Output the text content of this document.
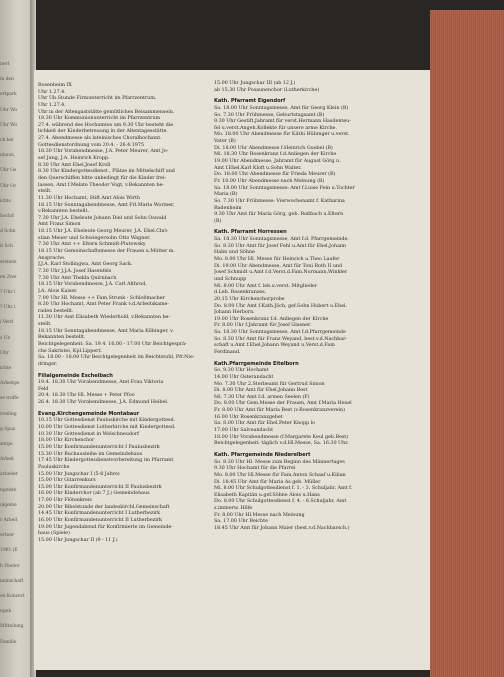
nert
in den
ertpark
Uhr Wo
Uhr Wo
ck bei
nhaus.
Uhr Ge
Uhr Gv
ichts
hochd
d Schn
it Sch
erstsen
en Zwe
? Uhr i
? Uhr i
i Verd
s Ub
Uhr
ichte
Arbeitge
se treffe
rreiling
g Spaz
zerge
Arbeit
arbeiter
ngeiste
ulgeme
r Arbeit
ertner
1961 (E
h Nieder
neinschaft
en Konzert
ngeh
Mitteilung
Familie
Rosenheim IX
Uhr 1.27.4.
Uhr Ub.Stunde Firmunterricht im Pfarrzentrum.
Uhr 1.27.4.
Uhr in der Altengaststätte gemütliches Beisammensein.
18.30 Uhr Kommunionunterricht im Pfarrzentrum
27.4. während des Hochamtes um 9.30 Uhr besteht die
lichkeit der Kinderbetreuung in der Altentagesstätte.
27.4. Abendmesse als lateinisches Choralhochamt.
Gottesdienstordnung vom 20.4. - 26.4.1975
18.30 Uhr Vorabendmesse, J.A. Peter Meurer, Amt Jo-
sef Jung, J.A. Heinrich Kropp.
8.30 Uhr Amt Ehel.Josef Kroll
8.30 Uhr Kindergottesdienst , Plätze im Mittelschiff und
den Querschiffen bitte unbedingt für die Kinder frei-
lassen, Amt f.Melate Theodor Vogt, v.Bekannten be-
stellt.
11.30 Uhr Hochamt, Stift.Amt Alois Wirth
18.15 Uhr Sonntagabendmesse, Amt Frl.Maria Wormer,
v.Bekannten bestellt.
7.30 Uhr J.A. Eheleute Johann Diel und Sohn Oswald
Amt Franz Simon
18.15 Uhr J.A. Eheleute Georg Meurer, J.A. Ehel.Chri-
stian Meuer und Schwiegersohn Otto Wagner.
7.30 Uhr Amt ++ Eltern Schmidt-Plutowsky
18.15 Uhr Gemeinschaftsmesse der Frauen u.Mütter m.
Ansprache.
J.J.A. Karl Stollingwa, Amt Georg Sack.
7.30 Uhr J.J.A. Josef Hasenfels
7.30 Uhr Amt Thekla Quirnbach
18.15 Uhr Vorabendmesse, J.A. Carl Althrod,
J.A. Alois Kaiser.
7.00 Uhr Hl. Messe ++ Fam.Strunk - Schloßmacher
8.30 Uhr Hochamt, Amt Peter Frank v.d.Arbeitskame-
raden bestellt.
11.30 Uhr Amt Elisabeth Wiederhold, v.Bekannten be-
stellt.
18.15 Uhr Sonntagabendmesse, Amt Maria Kilbinger, v.
Bekannten bestellt.
Beichtgelegenheit: Sa. 19.4. 16.00 - 17.00 Uhr Beichtgesprä-
che Sakristei, Kpl.Lippert.
Sa. 18.00 - 18.00 Uhr Beichtgelegenheit im Beichtstuhl, Pfr.Nie-
dringer.
Filialgemeinde Escheibach
19.4. 18.30 Uhr Vorabendmesse, Amt Frau Viktoria
Feld
20.4. 18.30 Uhr Hl. Messe + Peter Pfoo
26.4. 18.30 Uhr Vorabendmesse, J.A. Edmund Heibel.
Evang.Kirchengemeinde Montabaur
10.15 Uhr Gottesdienst Pauluskirche mit Kindergottesd.
10.00 Uhr Gottesdienst Lutherkirche mit Kindergottesd.
10.30 Uhr Gottesdienst in Welschneudorf
18.00 Uhr Kirchenchor
15.00 Uhr Konfirmandenunterricht I Paulusbezirk
15.30 Uhr Buchausleihe im Gemeindehaus
17.45 Uhr Kindergottesdienstvorbereitung im Pfarramt
Pauluskirche
15.00 Uhr Jungschar I (5-8 Jahre)
15.00 Uhr Gitarrenkurs
15.00 Uhr Konfirmandenunterricht II Paulusbezirk
16.00 Uhr Kinderchor (ab 7 J.) Gemeindehaus
17.00 Uhr Flötenkreis
20.00 Uhr Bibelstunde der landeskirchl.Gemeinschaft
14.45 Uhr Konfirmandenunterricht I Lutherbezirk
16.00 Uhr Konfirmandenunterricht II Lutherbezirk
19.00 Uhr Jugendabend für Konfirmierte im Gemeinde-
haus (Spiele)
15.00 Uhr Jungschar II (9 - 11 J.)
15.00 Uhr Jungschar III (ab 12 J.)
ab 15.30 Uhr Posaunenchor (Lutherkirche)
Kath. Pfarramt Eigendorf
Sa. 18.00 Uhr Sonntagsmesse, Amt für Georg Klein (B)
So. 7.30 Uhr Frühmesse, Geburtstagsamt (B)
9.30 Uhr Gestift.Jahramt für verst.Hermann Hasdenteu-
fel u.verst.Angeh.Kollekte für unsere arme Kirche.
Mo. 18.00 Uhr Abendmesse für Käthi Hübinger u.verst.
Vater (B)
Di. 18.00 Uhr Abendmesse f.Heinrich Guebel (B)
Mi. 18.30 Uhr Rosenkranz f.d.Anliegen der Kirche
19.00 Uhr Abendmesse, Jahramt für August Görg u.
Amt f.Ehel.Karl Kloft u.Sohn Walter.
Do. 18.00 Uhr Abendmesse für Frieda Meurer (B)
Fr. 18.00 Uhr Abendmesse nach Meinung (B)
Sa. 18.00 Uhr Sonntagsmesse: Amt f.Luise Fein u.Tochter
Maria (B)
So. 7.30 Uhr Frühmesse: Vierwochenamt f. Katharina
Badenheim
9.30 Uhr Amt für Maria Görg, geb. Roßbach u.Eltern
(B)
Kath. Pfarramt Horressen
Sa. 18.30 Uhr Sonntagsmesse, Amt f.d. Pfarrgemeinde.
So. 8.30 Uhr Amt für Josef Fehl u.Amt für Ehel.Johann
Hahn und Söhne
Mo. 8.00 Uhr Hl. Messe für Heinrich u.Theo Laufer
Di. 19.00 Uhr Abendmesse, Amt für Toni Roth II und
Josef Schmidt u.Amt f.d.Verst.d.Fam.Normann,Winkler
und Schnupp
Mi. 8.00 Uhr Amt f. leb.u.verst. Mitglieder
d.Leb. Rosenkranzes.
20.15 Uhr Kirchenchorprobe
Do. 8.00 Uhr Amt f.Kath.Jöch, gef.Sohn Hubert u.Ehel.
Johann Herborn.
19.00 Uhr Rosenkranz f.d. Anliegen der Kirche
Fr. 8.00 Uhr f.Jahramt für Josef Glasner.
Sa. 18.30 Uhr Sonntagsmesse, Amt f.d.Pfarrgemeinde
So. 8.30 Uhr Amt für Franz Weyand, best.v.d.Nachbar-
schaft u.Amt f.Ehel.Johann Weyand u.Verst.d.Fam
Ferdinand.
Kath.Pfarrgemeinde Eitelborn
So. 9.30 Uhr Hochamt
14.00 Uhr Osterandacht
Mo. 7.30 Uhr 2.Sterbeamt für Gertrud Simon
Di. 8.00 Uhr Amt für Ehel.Johann Best
Mi. 7.30 Uhr Amt f.d. armen Seelen )F)
Do. 8.00 Uhr Gem.Messe der Frauen, Amt f.Maria Hexel
Fr. 8.00 Uhr Amt für Maria Best (v.Rosenkranzverein)
16.00 Uhr Rosenkranzgebet
Sa. 8.00 Uhr Amt für Ehel.Peter Knopp lo
17.00 Uhr Salveandacht
18.00 Uhr Vorabendmesse (f.Margarete Keul geb.Best)
Beichtgelegenheit: täglich v.d.Hl.Messe, Sa. 16.30 Uhr.
Kath. Pfarrgemeinde Niederelbert
So. 8.30 Uhr Hl. Messe zum Beginn des Männertages
9.30 Uhr Hochamt für die Pfarrei
Mo. 8.00 Uhr Hl.Messe für Fam.Anton Schaaf u.Kilian
Di. 18.45 Uhr Amt für Maria As geb. Müller
Mi. 8.00 Uhr Schulgottesdienst f. 1. - 3. Schuljahr, Amt f.
Elisabeth Kapitän u.gef.Söhne Alois u.Hans
Do. 8.00 Uhr Schulgottesdienst f. 4. - 6.Schuljahr, Amt
z.immerw. Hilfe
Fr. 8.00 Uhr Hl.Messe nach Meinung
Sa. 17.00 Uhr Beichte
18.45 Uhr Amt für Johann Maier (best.v.d.Nachbarsch.)
